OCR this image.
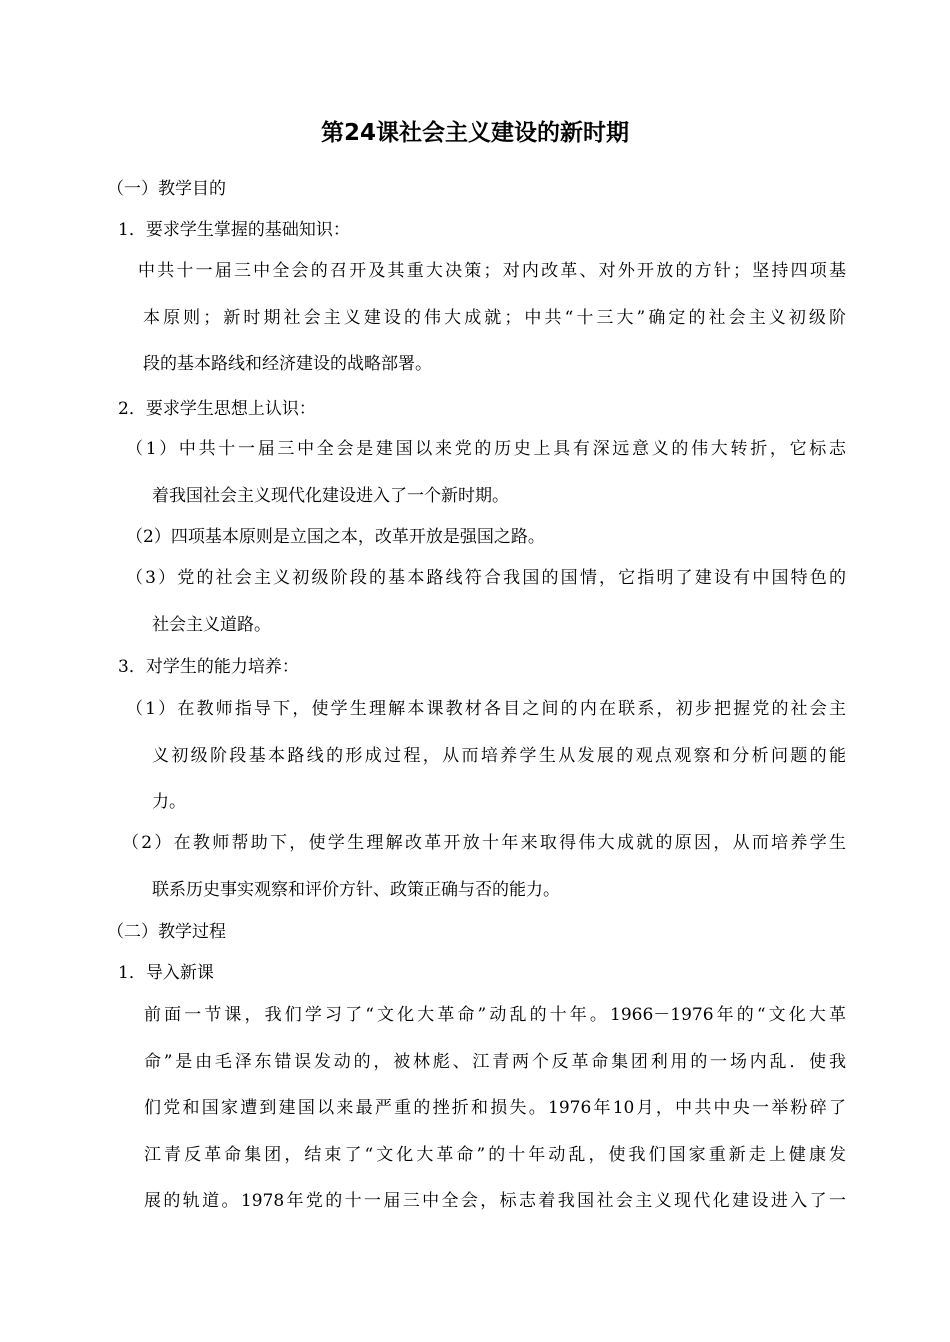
第24课社会主义建设的新时期
（一）教学目的
1．要求学生掌握的基础知识：
中共十一届三中全会的召开及其重大决策；对内改革、对外开放的方针；坚持四项基
本原则；新时期社会主义建设的伟大成就；中共“十三大”确定的社会主义初级阶
段的基本路线和经济建设的战略部署。
2．要求学生思想上认识：
（1）中共十一届三中全会是建国以来党的历史上具有深远意义的伟大转折，它标志
着我国社会主义现代化建设进入了一个新时期。
（2）四项基本原则是立国之本，改革开放是强国之路。
（3）党的社会主义初级阶段的基本路线符合我国的国情，它指明了建设有中国特色的
社会主义道路。
3．对学生的能力培养：
（1）在教师指导下，使学生理解本课教材各目之间的内在联系，初步把握党的社会主
义初级阶段基本路线的形成过程，从而培养学生从发展的观点观察和分析问题的能
力。
（2）在教师帮助下，使学生理解改革开放十年来取得伟大成就的原因，从而培养学生
联系历史事实观察和评价方针、政策正确与否的能力。
（二）教学过程
1．导入新课
前面一节课，我们学习了“文化大革命”动乱的十年。1966－1976年的“文化大革
命”是由毛泽东错误发动的，被林彪、江青两个反革命集团利用的一场内乱．使我
们党和国家遭到建国以来最严重的挫折和损失。1976年10月，中共中央一举粉碎了
江青反革命集团，结束了“文化大革命”的十年动乱，使我们国家重新走上健康发
展的轨道。1978年党的十一届三中全会，标志着我国社会主义现代化建设进入了一
